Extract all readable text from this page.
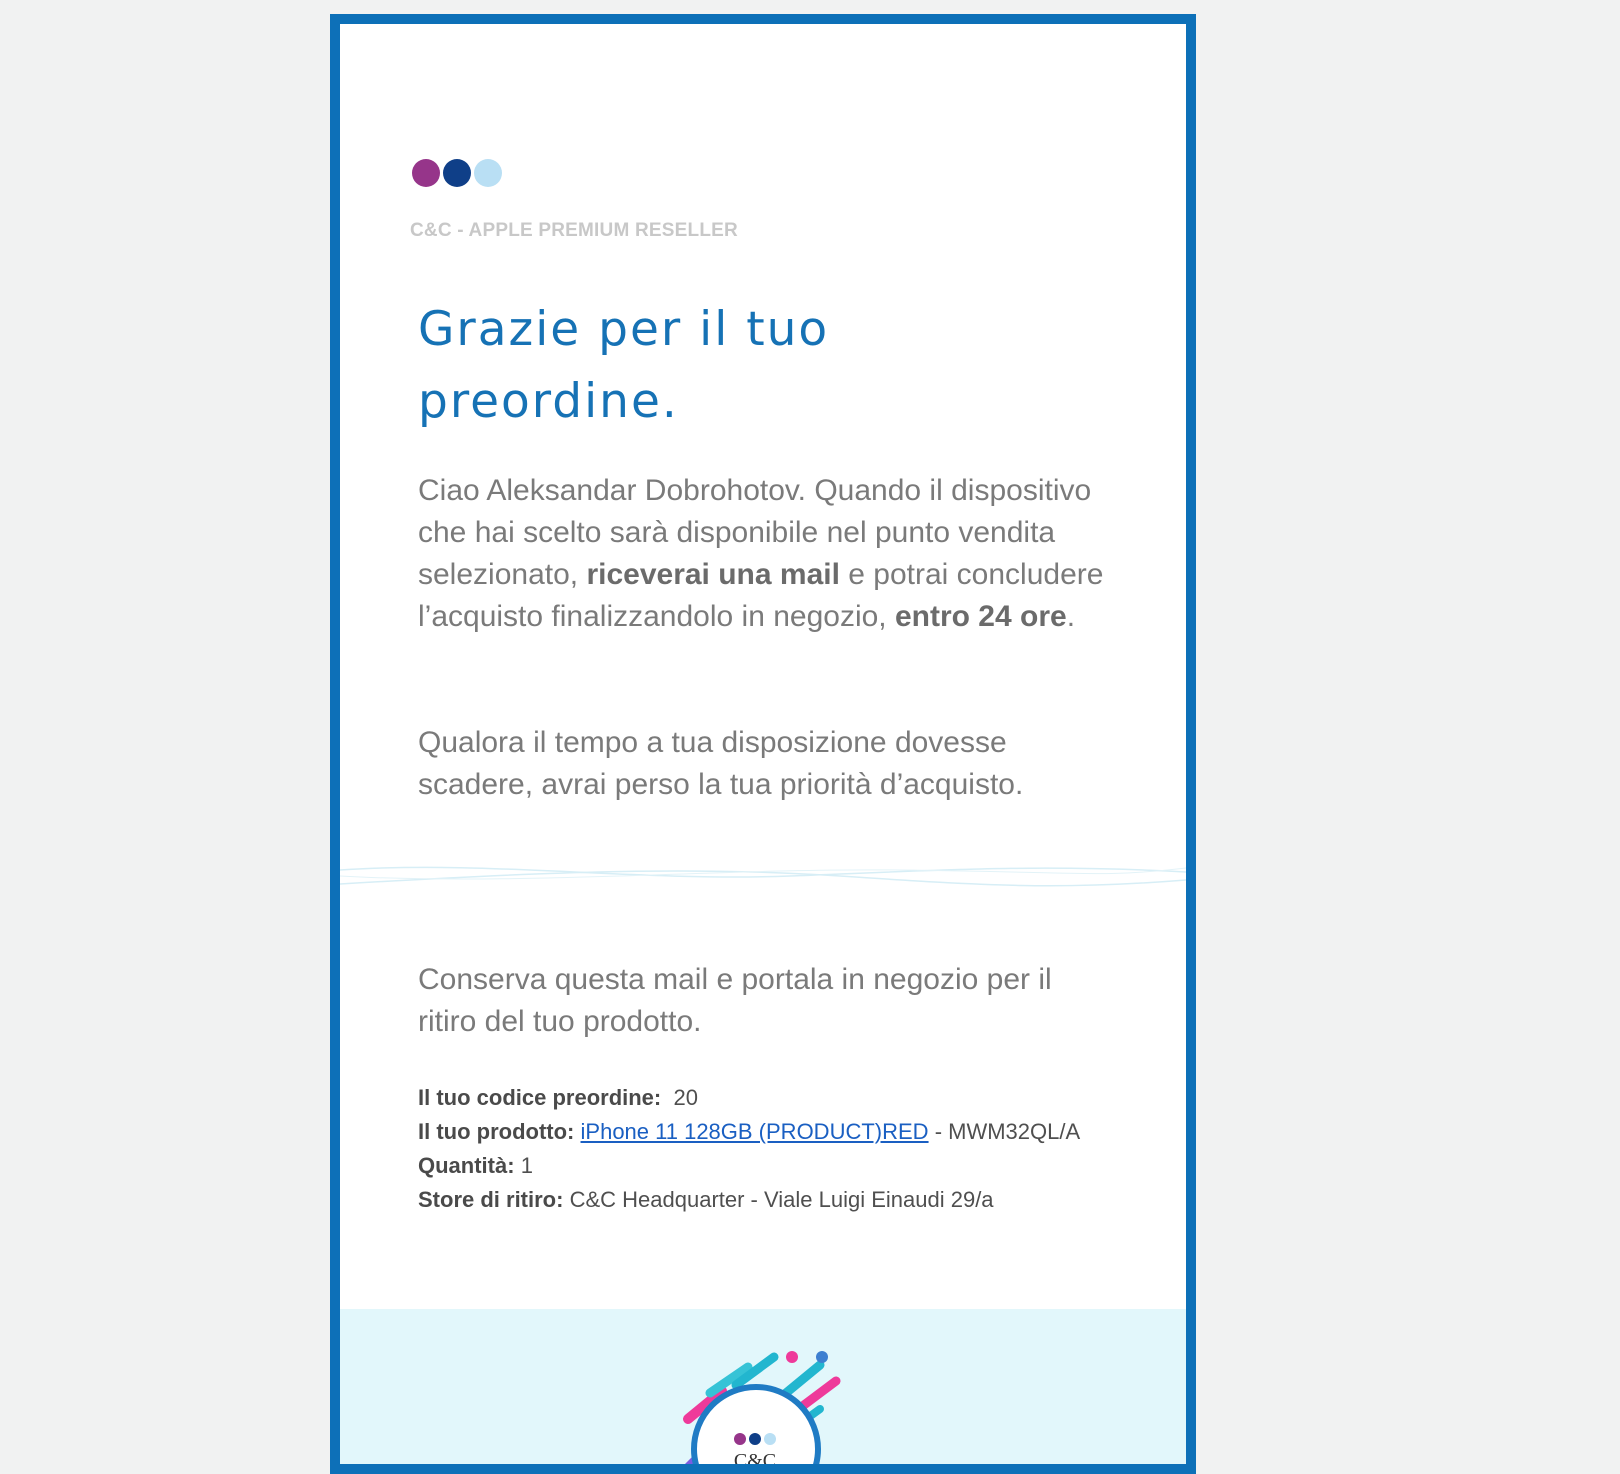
C&C - APPLE PREMIUM RESELLER
Grazie per il tuo preordine.

Ciao Aleksandar Dobrohotov. Quando il dispositivo che hai scelto sarà disponibile nel punto vendita selezionato, riceverai una mail e potrai concludere l’acquisto finalizzandolo in negozio, entro 24 ore.

Qualora il tempo a tua disposizione dovesse scadere, avrai perso la tua priorità d’acquisto.

Conserva questa mail e portala in negozio per il ritiro del tuo prodotto.

Il tuo codice preordine: 20
Il tuo prodotto: iPhone 11 128GB (PRODUCT)RED - MWM32QL/A
Quantità: 1
Store di ritiro: C&C Headquarter - Viale Luigi Einaudi 29/a
C&C
